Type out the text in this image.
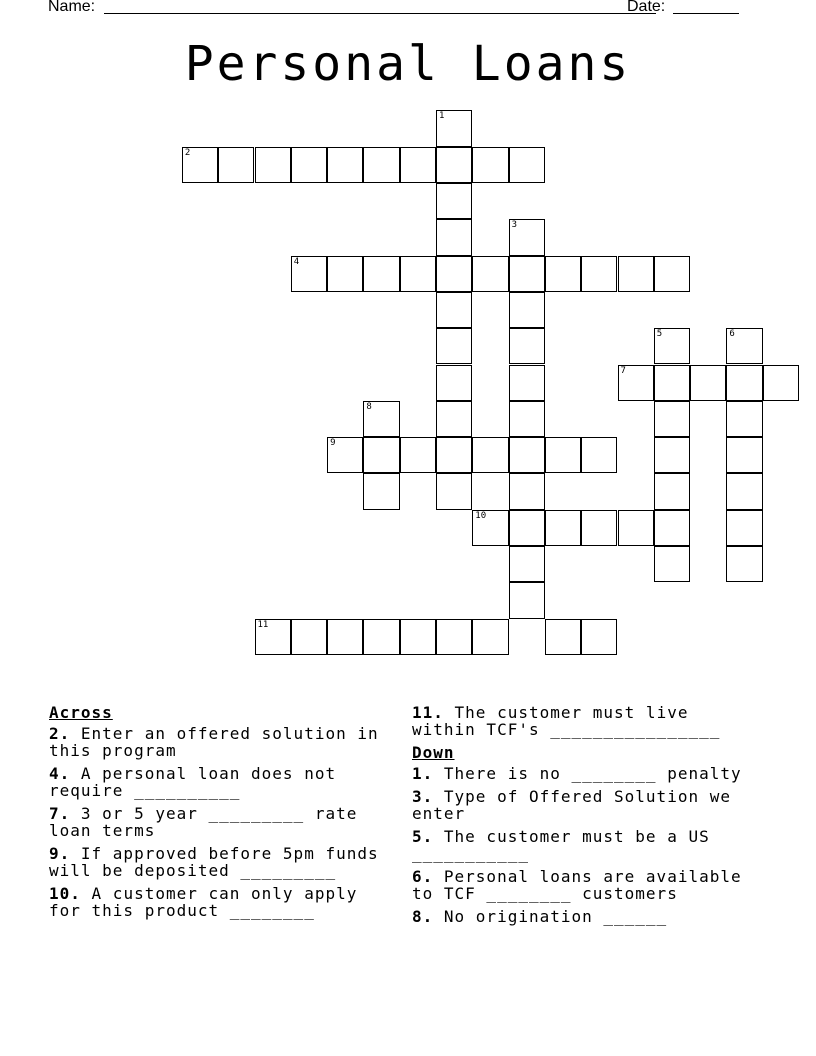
Name:	Date:
Personal Loans
2
1
3
4
7
5	6
8
9
10
11
Across
2. Enter an offered solution in this program
4. A personal loan does not require __________
7. 3 or 5 year _________ rate loan terms
9. If approved before 5pm funds will be deposited _________
10. A customer can only apply for this product ________
11. The customer must live within TCF's ________________
Down
1. There is no ________ penalty
3. Type of Offered Solution we enter
5. The customer must be a US ___________
6. Personal loans are available to TCF ________ customers
8. No origination ______
